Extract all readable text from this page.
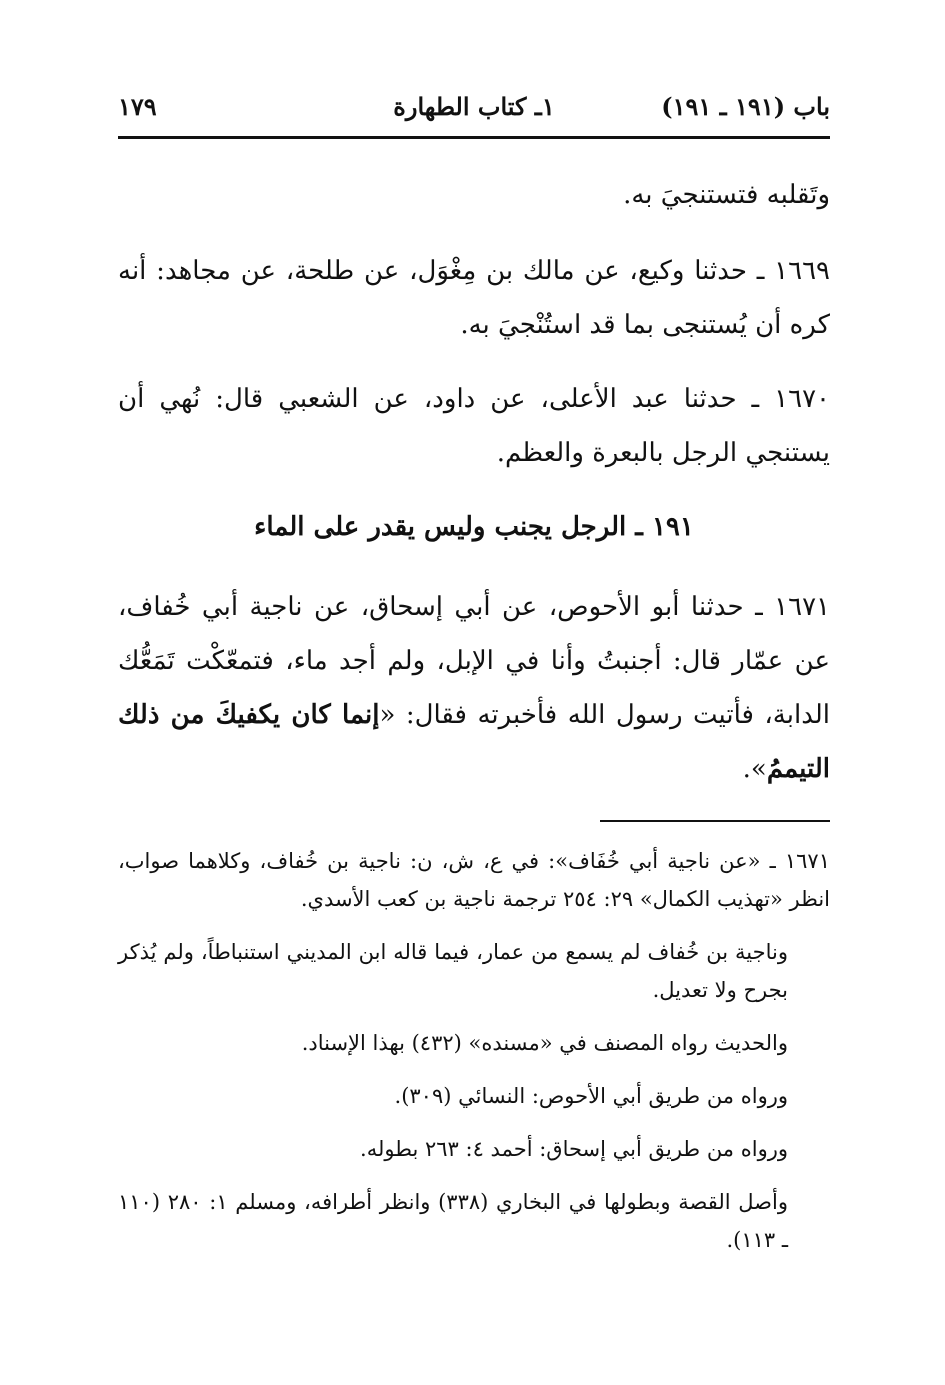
باب (١٩١ ـ ١٩١)
١ـ كتاب الطهارة
١٧٩

وتَقلبه فتستنجيَ به.

١٦٦٩ ـ حدثنا وكيع، عن مالك بن مِغْوَل، عن طلحة، عن مجاهد: أنه كره أن يُستنجى بما قد استُنْجيَ به.

١٦٧٠ ـ حدثنا عبد الأعلى، عن داود، عن الشعبي قال: نُهي أن يستنجي الرجل بالبعرة والعظم.

١٩١ ـ الرجل يجنب وليس يقدر على الماء

١٦٧١ ـ حدثنا أبو الأحوص، عن أبي إسحاق، عن ناجية أبي خُفاف، عن عمّار قال: أجنبتُ وأنا في الإبل، ولم أجد ماء، فتمعّكْت تَمَعُّك الدابة، فأتيت رسول الله فأخبرته فقال: «إنما كان يكفيكَ من ذلك التيممُ».

١٦٧١ ـ «عن ناجية أبي خُفَاف»: في ع، ش، ن: ناجية بن خُفاف، وكلاهما صواب، انظر «تهذيب الكمال» ٢٩: ٢٥٤ ترجمة ناجية بن كعب الأسدي.

وناجية بن خُفاف لم يسمع من عمار، فيما قاله ابن المديني استنباطاً، ولم يُذكر بجرح ولا تعديل.

والحديث رواه المصنف في «مسنده» (٤٣٢) بهذا الإسناد.

ورواه من طريق أبي الأحوص: النسائي (٣٠٩).

ورواه من طريق أبي إسحاق: أحمد ٤: ٢٦٣ بطوله.

وأصل القصة وبطولها في البخاري (٣٣٨) وانظر أطرافه، ومسلم ١: ٢٨٠ (١١٠ ـ ١١٣).
